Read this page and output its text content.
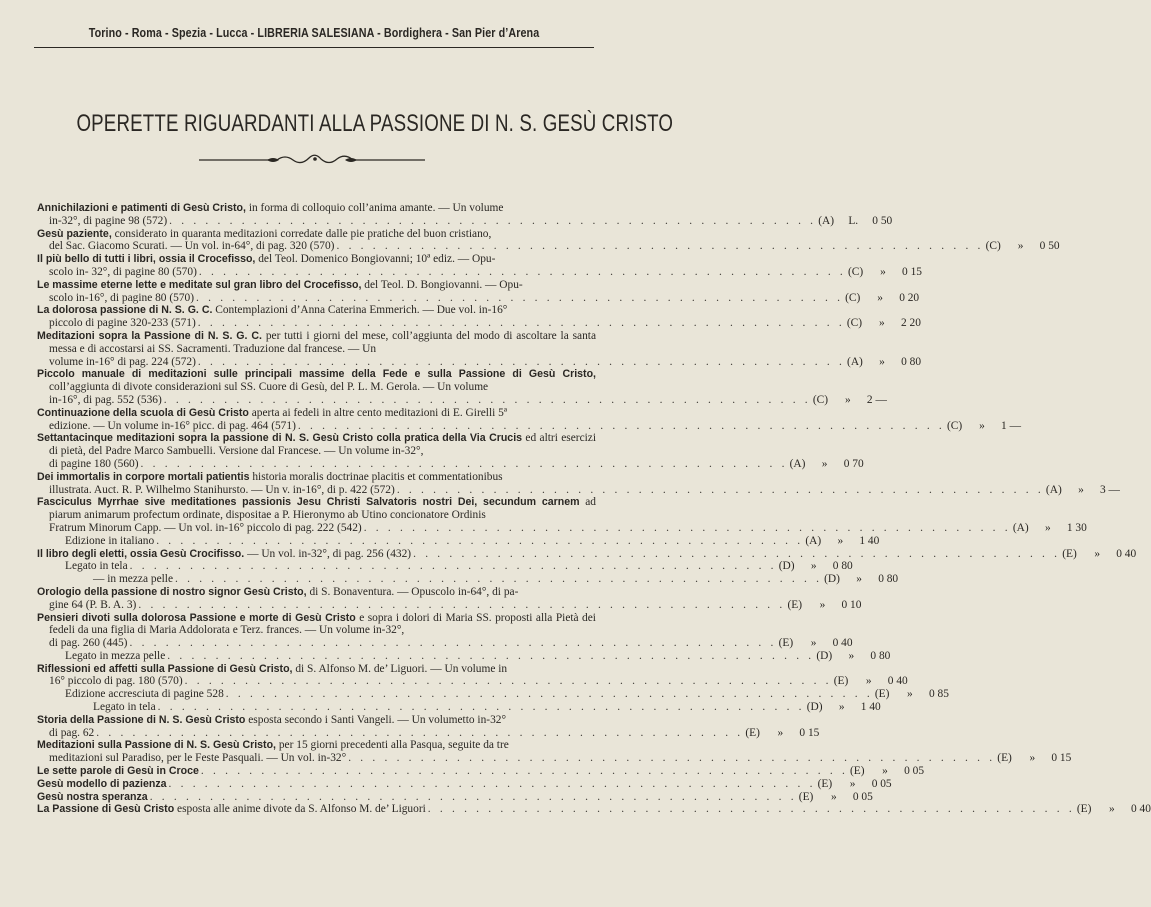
Torino - Roma - Spezia - Lucca - LIBRERIA SALESIANA - Bordighera - San Pier d’Arena
OPERETTE RIGUARDANTI ALLA PASSIONE DI N. S. GESÙ CRISTO
Annichilazioni e patimenti di Gesù Cristo, in forma di colloquio coll’anima amante. — Un volume
in-32°, di pagine 98 (572) . . . . . . . . . . . . . . . . . . . . . . . . . . . . . . . . . . . . . . . . . . . . . . . . . . . . . . (A)	L.	0 50
Gesù paziente, considerato in quaranta meditazioni corredate dalle pie pratiche del buon cristiano,
del Sac. Giacomo Scurati. — Un vol. in-64°, di pag. 320 (570) . . . . . . . . . . . . . . . . . . . . . . . . . . . . . . . . . . . . . . . . . . . . . . . . . . . . . . (C)	»	0 50
Il più bello di tutti i libri, ossia il Crocefisso, del Teol. Domenico Bongiovanni; 10ª ediz. — Opu-
scolo in- 32°, di pagine 80 (570) . . . . . . . . . . . . . . . . . . . . . . . . . . . . . . . . . . . . . . . . . . . . . . . . . . . . . . (C)	»	0 15
Le massime eterne lette e meditate sul gran libro del Crocefisso, del Teol. D. Bongiovanni. — Opu-
scolo in-16°, di pagine 80 (570) . . . . . . . . . . . . . . . . . . . . . . . . . . . . . . . . . . . . . . . . . . . . . . . . . . . . . . (C)	»	0 20
La dolorosa passione di N. S. G. C. Contemplazioni d’Anna Caterina Emmerich. — Due vol. in-16°
piccolo di pagine 320-233 (571) . . . . . . . . . . . . . . . . . . . . . . . . . . . . . . . . . . . . . . . . . . . . . . . . . . . . . . (C)	»	2 20
Meditazioni sopra la Passione di N. S. G. C. per tutti i giorni del mese, coll’aggiunta del modo di ascoltare la santa messa e di accostarsi ai SS. Sacramenti. Traduzione dal francese. — Un
volume in-16° di pag. 224 (572) . . . . . . . . . . . . . . . . . . . . . . . . . . . . . . . . . . . . . . . . . . . . . . . . . . . . . . (A)	»	0 80
Piccolo manuale di meditazioni sulle principali massime della Fede e sulla Passione di Gesù Cristo, coll’aggiunta di divote considerazioni sul SS. Cuore di Gesù, del P. L. M. Gerola. — Un volume
in-16°, di pag. 552 (536) . . . . . . . . . . . . . . . . . . . . . . . . . . . . . . . . . . . . . . . . . . . . . . . . . . . . . . (C)	»	2 —
Continuazione della scuola di Gesù Cristo aperta ai fedeli in altre cento meditazioni di E. Girelli 5ª
edizione. — Un volume in-16° picc. di pag. 464 (571) . . . . . . . . . . . . . . . . . . . . . . . . . . . . . . . . . . . . . . . . . . . . . . . . . . . . . . (C)	»	1 —
Settantacinque meditazioni sopra la passione di N. S. Gesù Cristo colla pratica della Via Crucis ed altri esercizi di pietà, del Padre Marco Sambuelli. Versione dal Francese. — Un volume in-32°,
di pagine 180 (560) . . . . . . . . . . . . . . . . . . . . . . . . . . . . . . . . . . . . . . . . . . . . . . . . . . . . . . (A)	»	0 70
Dei immortalis in corpore mortali patientis historia moralis doctrinae placitis et commentationibus
illustrata. Auct. R. P. Wilhelmo Stanihursto. — Un v. in-16°, di p. 422 (572) . . . . . . . . . . . . . . . . . . . . . . . . . . . . . . . . . . . . . . . . . . . . . . . . . . . . . . (A)	»	3 —
Fasciculus Myrrhae sive meditationes passionis Jesu Christi Salvatoris nostri Dei, secundum carnem ad piarum animarum profectum ordinate, dispositae a P. Hieronymo ab Utino concionatore Ordinis
Fratrum Minorum Capp. — Un vol. in-16° piccolo di pag. 222 (542) . . . . . . . . . . . . . . . . . . . . . . . . . . . . . . . . . . . . . . . . . . . . . . . . . . . . . . (A)	»	1 30
Edizione in italiano . . . . . . . . . . . . . . . . . . . . . . . . . . . . . . . . . . . . . . . . . . . . . . . . . . . . . . (A)	»	1 40
Il libro degli eletti, ossia Gesù Crocifisso. — Un vol. in-32°, di pag. 256 (432) . . . . . . . . . . . . . . . . . . . . . . . . . . . . . . . . . . . . . . . . . . . . . . . . . . . . . . (E)	»	0 40
Legato in tela . . . . . . . . . . . . . . . . . . . . . . . . . . . . . . . . . . . . . . . . . . . . . . . . . . . . . . (D)	»	0 80
— in mezza pelle . . . . . . . . . . . . . . . . . . . . . . . . . . . . . . . . . . . . . . . . . . . . . . . . . . . . . . (D)	»	0 80
Orologio della passione di nostro signor Gesù Cristo, di S. Bonaventura. — Opuscolo in-64°, di pa-
gine 64 (P. B. A. 3) . . . . . . . . . . . . . . . . . . . . . . . . . . . . . . . . . . . . . . . . . . . . . . . . . . . . . . (E)	»	0 10
Pensieri divoti sulla dolorosa Passione e morte di Gesù Cristo e sopra i dolori di Maria SS. proposti alla Pietà dei fedeli da una figlia di Maria Addolorata e Terz. frances. — Un volume in-32°,
di pag. 260 (445) . . . . . . . . . . . . . . . . . . . . . . . . . . . . . . . . . . . . . . . . . . . . . . . . . . . . . . (E)	»	0 40
Legato in mezza pelle . . . . . . . . . . . . . . . . . . . . . . . . . . . . . . . . . . . . . . . . . . . . . . . . . . . . . . (D)	»	0 80
Riflessioni ed affetti sulla Passione di Gesù Cristo, di S. Alfonso M. de’ Liguori. — Un volume in
16° piccolo di pag. 180 (570) . . . . . . . . . . . . . . . . . . . . . . . . . . . . . . . . . . . . . . . . . . . . . . . . . . . . . . (E)	»	0 40
Edizione accresciuta di pagine 528 . . . . . . . . . . . . . . . . . . . . . . . . . . . . . . . . . . . . . . . . . . . . . . . . . . . . . . (E)	»	0 85
Legato in tela . . . . . . . . . . . . . . . . . . . . . . . . . . . . . . . . . . . . . . . . . . . . . . . . . . . . . . (D)	»	1 40
Storia della Passione di N. S. Gesù Cristo esposta secondo i Santi Vangeli. — Un volumetto in-32°
di pag. 62 . . . . . . . . . . . . . . . . . . . . . . . . . . . . . . . . . . . . . . . . . . . . . . . . . . . . . . (E)	»	0 15
Meditazioni sulla Passione di N. S. Gesù Cristo, per 15 giorni precedenti alla Pasqua, seguite da tre
meditazioni sul Paradiso, per le Feste Pasquali. — Un vol. in-32° . . . . . . . . . . . . . . . . . . . . . . . . . . . . . . . . . . . . . . . . . . . . . . . . . . . . . . (E)	»	0 15
Le sette parole di Gesù in Croce . . . . . . . . . . . . . . . . . . . . . . . . . . . . . . . . . . . . . . . . . . . . . . . . . . . . . . (E)	»	0 05
Gesù modello di pazienza . . . . . . . . . . . . . . . . . . . . . . . . . . . . . . . . . . . . . . . . . . . . . . . . . . . . . . (E)	»	0 05
Gesù nostra speranza . . . . . . . . . . . . . . . . . . . . . . . . . . . . . . . . . . . . . . . . . . . . . . . . . . . . . . (E)	»	0 05
La Passione di Gesù Cristo esposta alle anime divote da S. Alfonso M. de’ Liguori . . . . . . . . . . . . . . . . . . . . . . . . . . . . . . . . . . . . . . . . . . . . . . . . . . . . . . (E)	»	0 40
